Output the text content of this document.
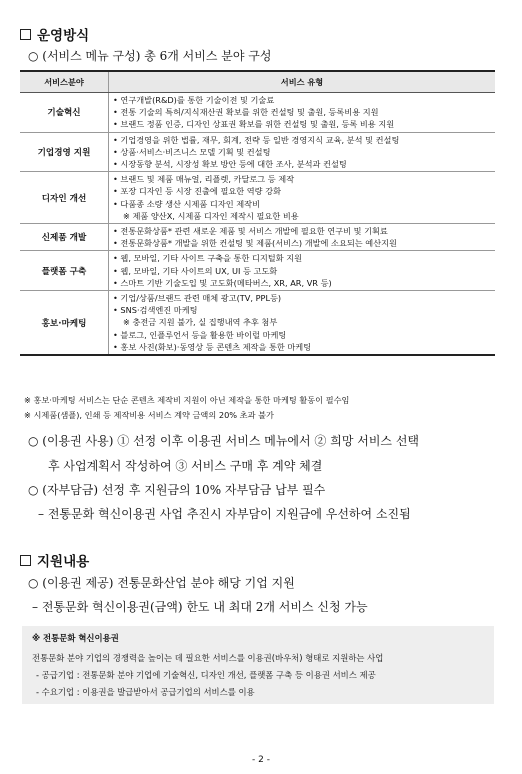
운영방식
○ (서비스 메뉴 구성) 총 6개 서비스 분야 구성
서비스분야	서비스 유형
기술혁신	• 연구개발(R&D)를 통한 기술이전 및 기술료
• 전통 기술의 특허/지식재산권 확보를 위한 컨설팅 및 출원, 등록비용 지원
• 브랜드 정품 인증, 디자인 상표권 확보를 위한 컨설팅 및 출원, 등록 비용 지원

기업경영 지원	• 기업경영을 위한 법률, 재무, 회계, 전략 등 일반 경영지식 교육, 분석 및 컨설팅
• 상품·서비스·비즈니스 모델 기획 및 컨설팅
• 시장동향 분석, 시장성 확보 방안 등에 대한 조사, 분석과 컨설팅

디자인 개선	• 브랜드 및 제품 매뉴얼, 리플렛, 카달로그 등 제작
• 포장 디자인 등 시장 진출에 필요한 역량 강화
• 다품종 소량 생산 시제품 디자인 제작비
※ 제품 양산X, 시제품 디자인 제작시 필요한 비용

신제품 개발	• 전통문화상품* 관련 새로운 제품 및 서비스 개발에 필요한 연구비 및 기획료
• 전통문화상품* 개발을 위한 컨설팅 및 제품(서비스) 개발에 소요되는 예산지원

플랫폼 구축	• 웹, 모바일, 기타 사이트 구축을 통한 디지털화 지원
• 웹, 모바일, 기타 사이트의 UX, UI 등 고도화
• 스마트 기반 기술도입 및 고도화(메타버스, XR, AR, VR 등)

홍보·마케팅	• 기업/상품/브랜드 관련 매체 광고(TV, PPL등)
• SNS·검색엔진 마케팅
※ 충전금 지원 불가, 실 집행내역 추후 첨부
• 블로그, 인플루언서 등을 활용한 바이럴 마케팅
• 홍보 사진(화보)·동영상 등 콘텐츠 제작을 통한 마케팅
※ 홍보·마케팅 서비스는 단순 콘텐츠 제작비 지원이 아닌 제작을 통한 마케팅 활동이 필수임
※ 시제품(샘플), 인쇄 등 제작비용 서비스 계약 금액의 20% 초과 불가
○ (이용권 사용) ① 선정 이후 이용권 서비스 메뉴에서 ② 희망 서비스 선택
후 사업계획서 작성하여 ③ 서비스 구매 후 계약 체결
○ (자부담금) 선정 후 지원금의 10% 자부담금 납부 필수
– 전통문화 혁신이용권 사업 추진시 자부담이 지원금에 우선하여 소진됨
지원내용
○ (이용권 제공) 전통문화산업 분야 해당 기업 지원
– 전통문화 혁신이용권(금액) 한도 내 최대 2개 서비스 신청 가능
※ 전통문화 혁신이용권
전통문화 분야 기업의 경쟁력을 높이는 데 필요한 서비스를 이용권(바우처) 형태로 지원하는 사업
- 공급기업 : 전통문화 분야 기업에 기술혁신, 디자인 개선, 플랫폼 구축 등 이용권 서비스 제공
- 수요기업 : 이용권을 발급받아서 공급기업의 서비스를 이용
- 2 -
